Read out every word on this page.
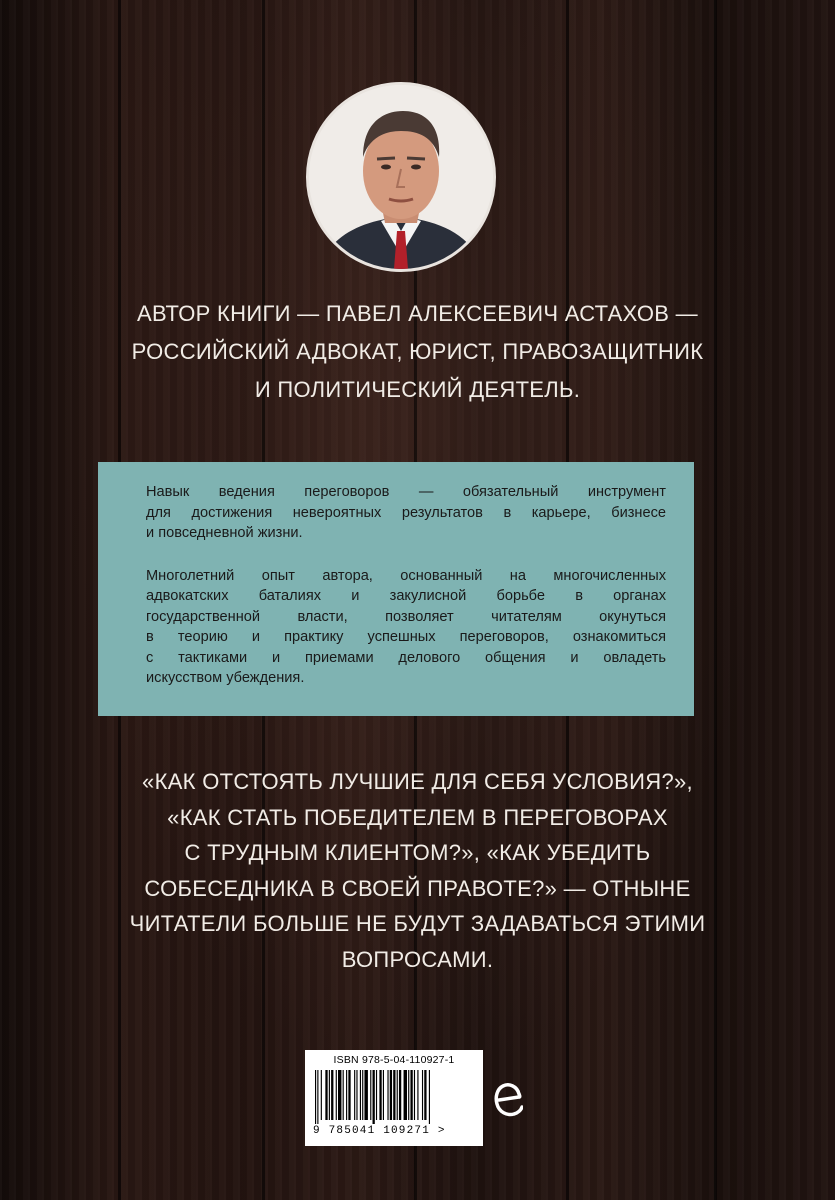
АВТОР КНИГИ — ПАВЕЛ АЛЕКСЕЕВИЧ АСТАХОВ —
РОССИЙСКИЙ АДВОКАТ, ЮРИСТ, ПРАВОЗАЩИТНИК
И ПОЛИТИЧЕСКИЙ ДЕЯТЕЛЬ.

Навык ведения переговоров — обязательный инструмент
для достижения невероятных результатов в карьере, бизнесе
и повседневной жизни.

Многолетний опыт автора, основанный на многочисленных
адвокатских баталиях и закулисной борьбе в органах
государственной власти, позволяет читателям окунуться
в теорию и практику успешных переговоров, ознакомиться
с тактиками и приемами делового общения и овладеть
искусством убеждения.

«КАК ОТСТОЯТЬ ЛУЧШИЕ ДЛЯ СЕБЯ УСЛОВИЯ?»,
«КАК СТАТЬ ПОБЕДИТЕЛЕМ В ПЕРЕГОВОРАХ
С ТРУДНЫМ КЛИЕНТОМ?», «КАК УБЕДИТЬ
СОБЕСЕДНИКА В СВОЕЙ ПРАВОТЕ?» — ОТНЫНЕ
ЧИТАТЕЛИ БОЛЬШЕ НЕ БУДУТ ЗАДАВАТЬСЯ ЭТИМИ
ВОПРОСАМИ.
ISBN 978-5-04-110927-1
9 785041 109271 >
